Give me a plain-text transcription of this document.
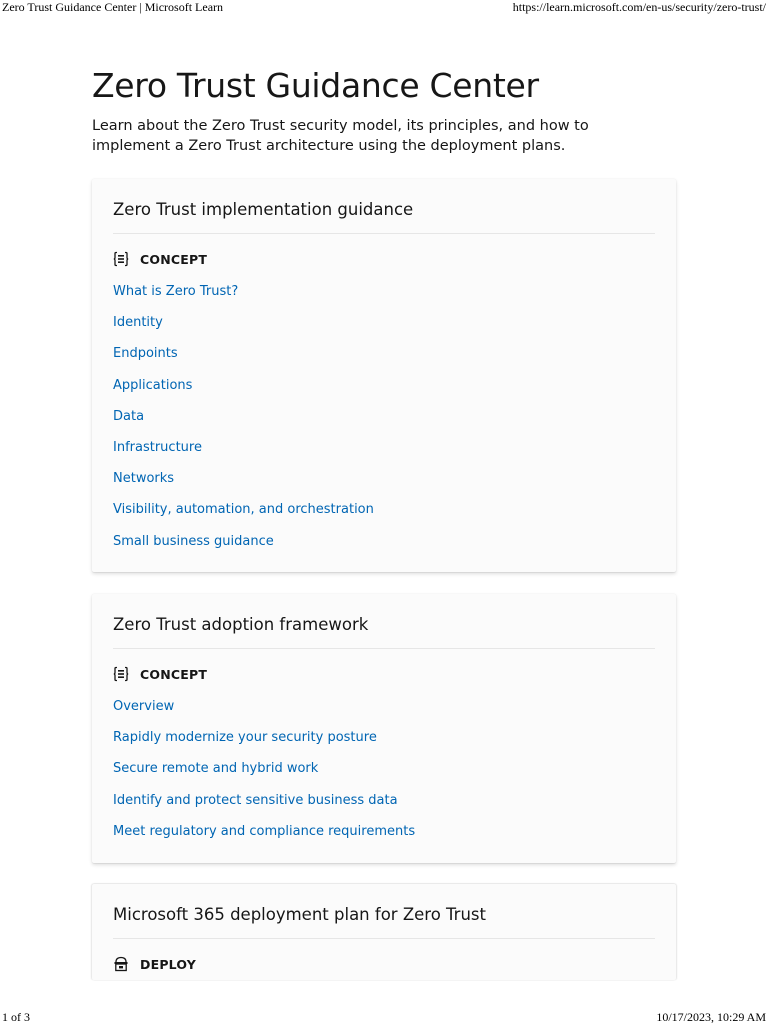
Zero Trust Guidance Center | Microsoft Learn	https://learn.microsoft.com/en-us/security/zero-trust/
Zero Trust Guidance Center

Learn about the Zero Trust security model, its principles, and how to implement a Zero Trust architecture using the deployment plans.

Zero Trust implementation guidance
CONCEPT
What is Zero Trust?
Identity
Endpoints
Applications
Data
Infrastructure
Networks
Visibility, automation, and orchestration
Small business guidance
Zero Trust adoption framework
CONCEPT
Overview
Rapidly modernize your security posture
Secure remote and hybrid work
Identify and protect sensitive business data
Meet regulatory and compliance requirements
Microsoft 365 deployment plan for Zero Trust
DEPLOY
1 of 3	10/17/2023, 10:29 AM
